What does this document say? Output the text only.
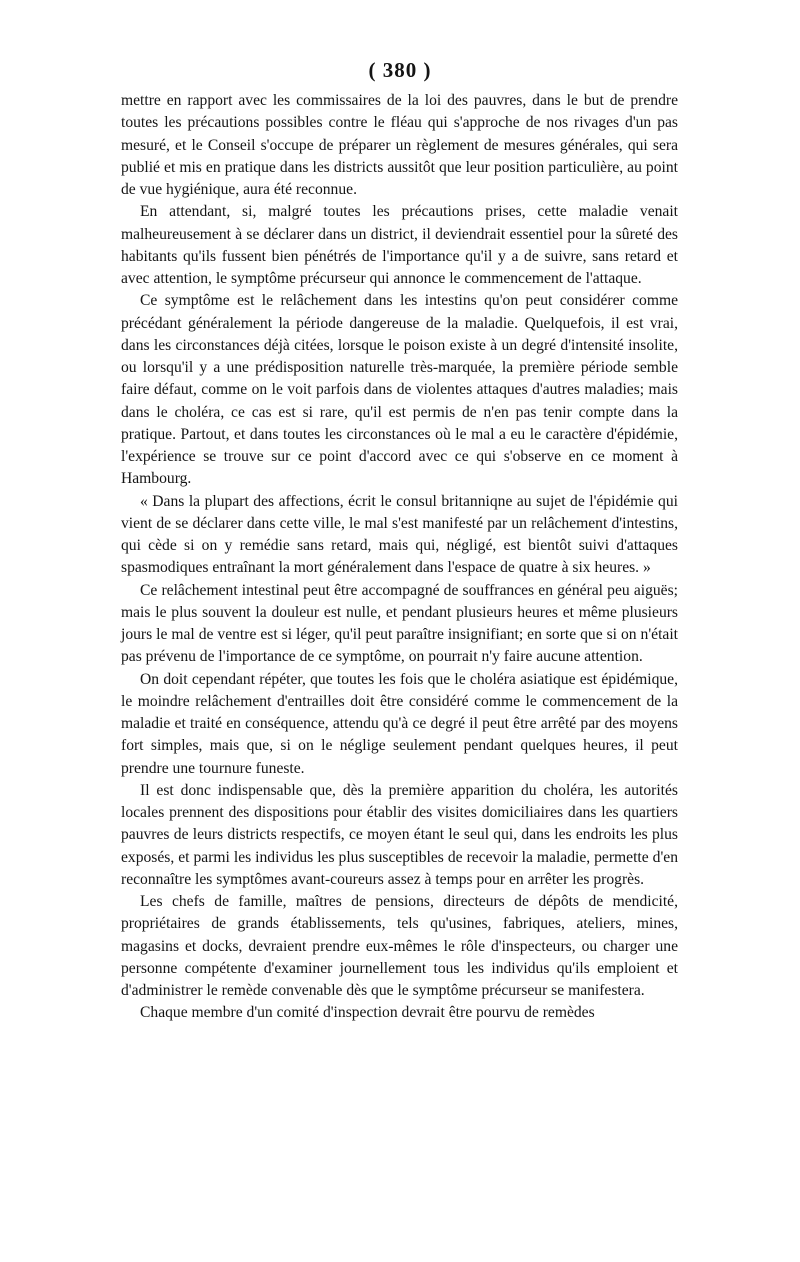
( 380 )

mettre en rapport avec les commissaires de la loi des pauvres, dans le but de prendre toutes les précautions possibles contre le fléau qui s'approche de nos rivages d'un pas mesuré, et le Conseil s'occupe de préparer un règlement de mesures générales, qui sera publié et mis en pratique dans les districts aussitôt que leur position particulière, au point de vue hygiénique, aura été reconnue.

En attendant, si, malgré toutes les précautions prises, cette maladie venait malheureusement à se déclarer dans un district, il deviendrait essentiel pour la sûreté des habitants qu'ils fussent bien pénétrés de l'importance qu'il y a de suivre, sans retard et avec attention, le symptôme précurseur qui annonce le commencement de l'attaque.

Ce symptôme est le relâchement dans les intestins qu'on peut considérer comme précédant généralement la période dangereuse de la maladie. Quelquefois, il est vrai, dans les circonstances déjà citées, lorsque le poison existe à un degré d'intensité insolite, ou lorsqu'il y a une prédisposition naturelle très-marquée, la première période semble faire défaut, comme on le voit parfois dans de violentes attaques d'autres maladies; mais dans le choléra, ce cas est si rare, qu'il est permis de n'en pas tenir compte dans la pratique. Partout, et dans toutes les circonstances où le mal a eu le caractère d'épidémie, l'expérience se trouve sur ce point d'accord avec ce qui s'observe en ce moment à Hambourg.

« Dans la plupart des affections, écrit le consul britanniqne au sujet de l'épidémie qui vient de se déclarer dans cette ville, le mal s'est manifesté par un relâchement d'intestins, qui cède si on y remédie sans retard, mais qui, négligé, est bientôt suivi d'attaques spasmodiques entraînant la mort généralement dans l'espace de quatre à six heures. »

Ce relâchement intestinal peut être accompagné de souffrances en général peu aiguës; mais le plus souvent la douleur est nulle, et pendant plusieurs heures et même plusieurs jours le mal de ventre est si léger, qu'il peut paraître insignifiant; en sorte que si on n'était pas prévenu de l'importance de ce symptôme, on pourrait n'y faire aucune attention.

On doit cependant répéter, que toutes les fois que le choléra asiatique est épidémique, le moindre relâchement d'entrailles doit être considéré comme le commencement de la maladie et traité en conséquence, attendu qu'à ce degré il peut être arrêté par des moyens fort simples, mais que, si on le néglige seulement pendant quelques heures, il peut prendre une tournure funeste.

Il est donc indispensable que, dès la première apparition du choléra, les autorités locales prennent des dispositions pour établir des visites domiciliaires dans les quartiers pauvres de leurs districts respectifs, ce moyen étant le seul qui, dans les endroits les plus exposés, et parmi les individus les plus susceptibles de recevoir la maladie, permette d'en reconnaître les symptômes avant-coureurs assez à temps pour en arrêter les progrès.

Les chefs de famille, maîtres de pensions, directeurs de dépôts de mendicité, propriétaires de grands établissements, tels qu'usines, fabriques, ateliers, mines, magasins et docks, devraient prendre eux-mêmes le rôle d'inspecteurs, ou charger une personne compétente d'examiner journellement tous les individus qu'ils emploient et d'administrer le remède convenable dès que le symptôme précurseur se manifestera.

Chaque membre d'un comité d'inspection devrait être pourvu de remèdes
